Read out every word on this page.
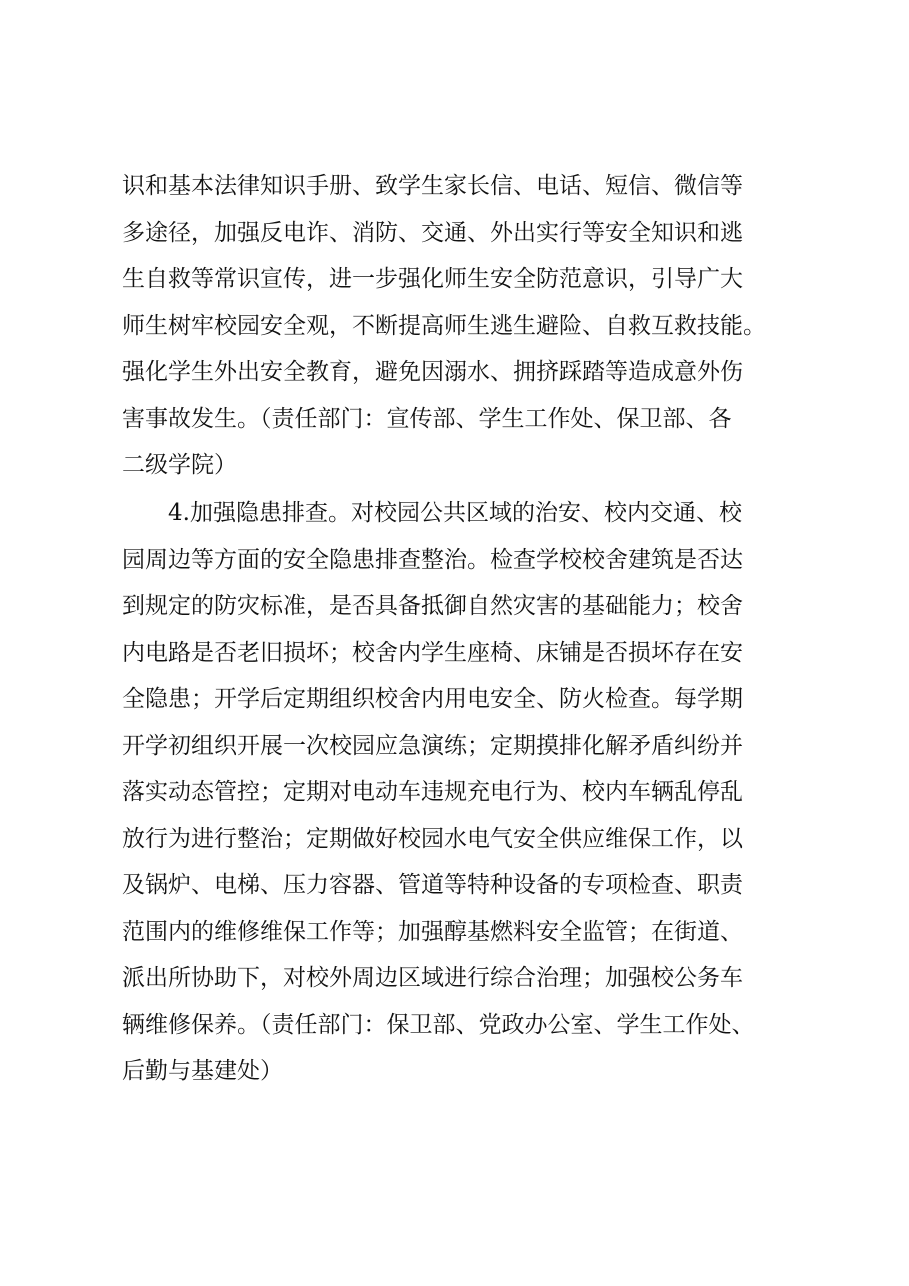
识和基本法律知识手册、致学生家长信、电话、短信、微信等
多途径，加强反电诈、消防、交通、外出实行等安全知识和逃
生自救等常识宣传，进一步强化师生安全防范意识，引导广大
师生树牢校园安全观，不断提高师生逃生避险、自救互救技能。
强化学生外出安全教育，避免因溺水、拥挤踩踏等造成意外伤
害事故发生。（责任部门：宣传部、学生工作处、保卫部、各
二级学院）
4.加强隐患排查。对校园公共区域的治安、校内交通、校
园周边等方面的安全隐患排查整治。检查学校校舍建筑是否达
到规定的防灾标准，是否具备抵御自然灾害的基础能力；校舍
内电路是否老旧损坏；校舍内学生座椅、床铺是否损坏存在安
全隐患；开学后定期组织校舍内用电安全、防火检查。每学期
开学初组织开展一次校园应急演练；定期摸排化解矛盾纠纷并
落实动态管控；定期对电动车违规充电行为、校内车辆乱停乱
放行为进行整治；定期做好校园水电气安全供应维保工作，以
及锅炉、电梯、压力容器、管道等特种设备的专项检查、职责
范围内的维修维保工作等；加强醇基燃料安全监管；在街道、
派出所协助下，对校外周边区域进行综合治理；加强校公务车
辆维修保养。（责任部门：保卫部、党政办公室、学生工作处、
后勤与基建处）
